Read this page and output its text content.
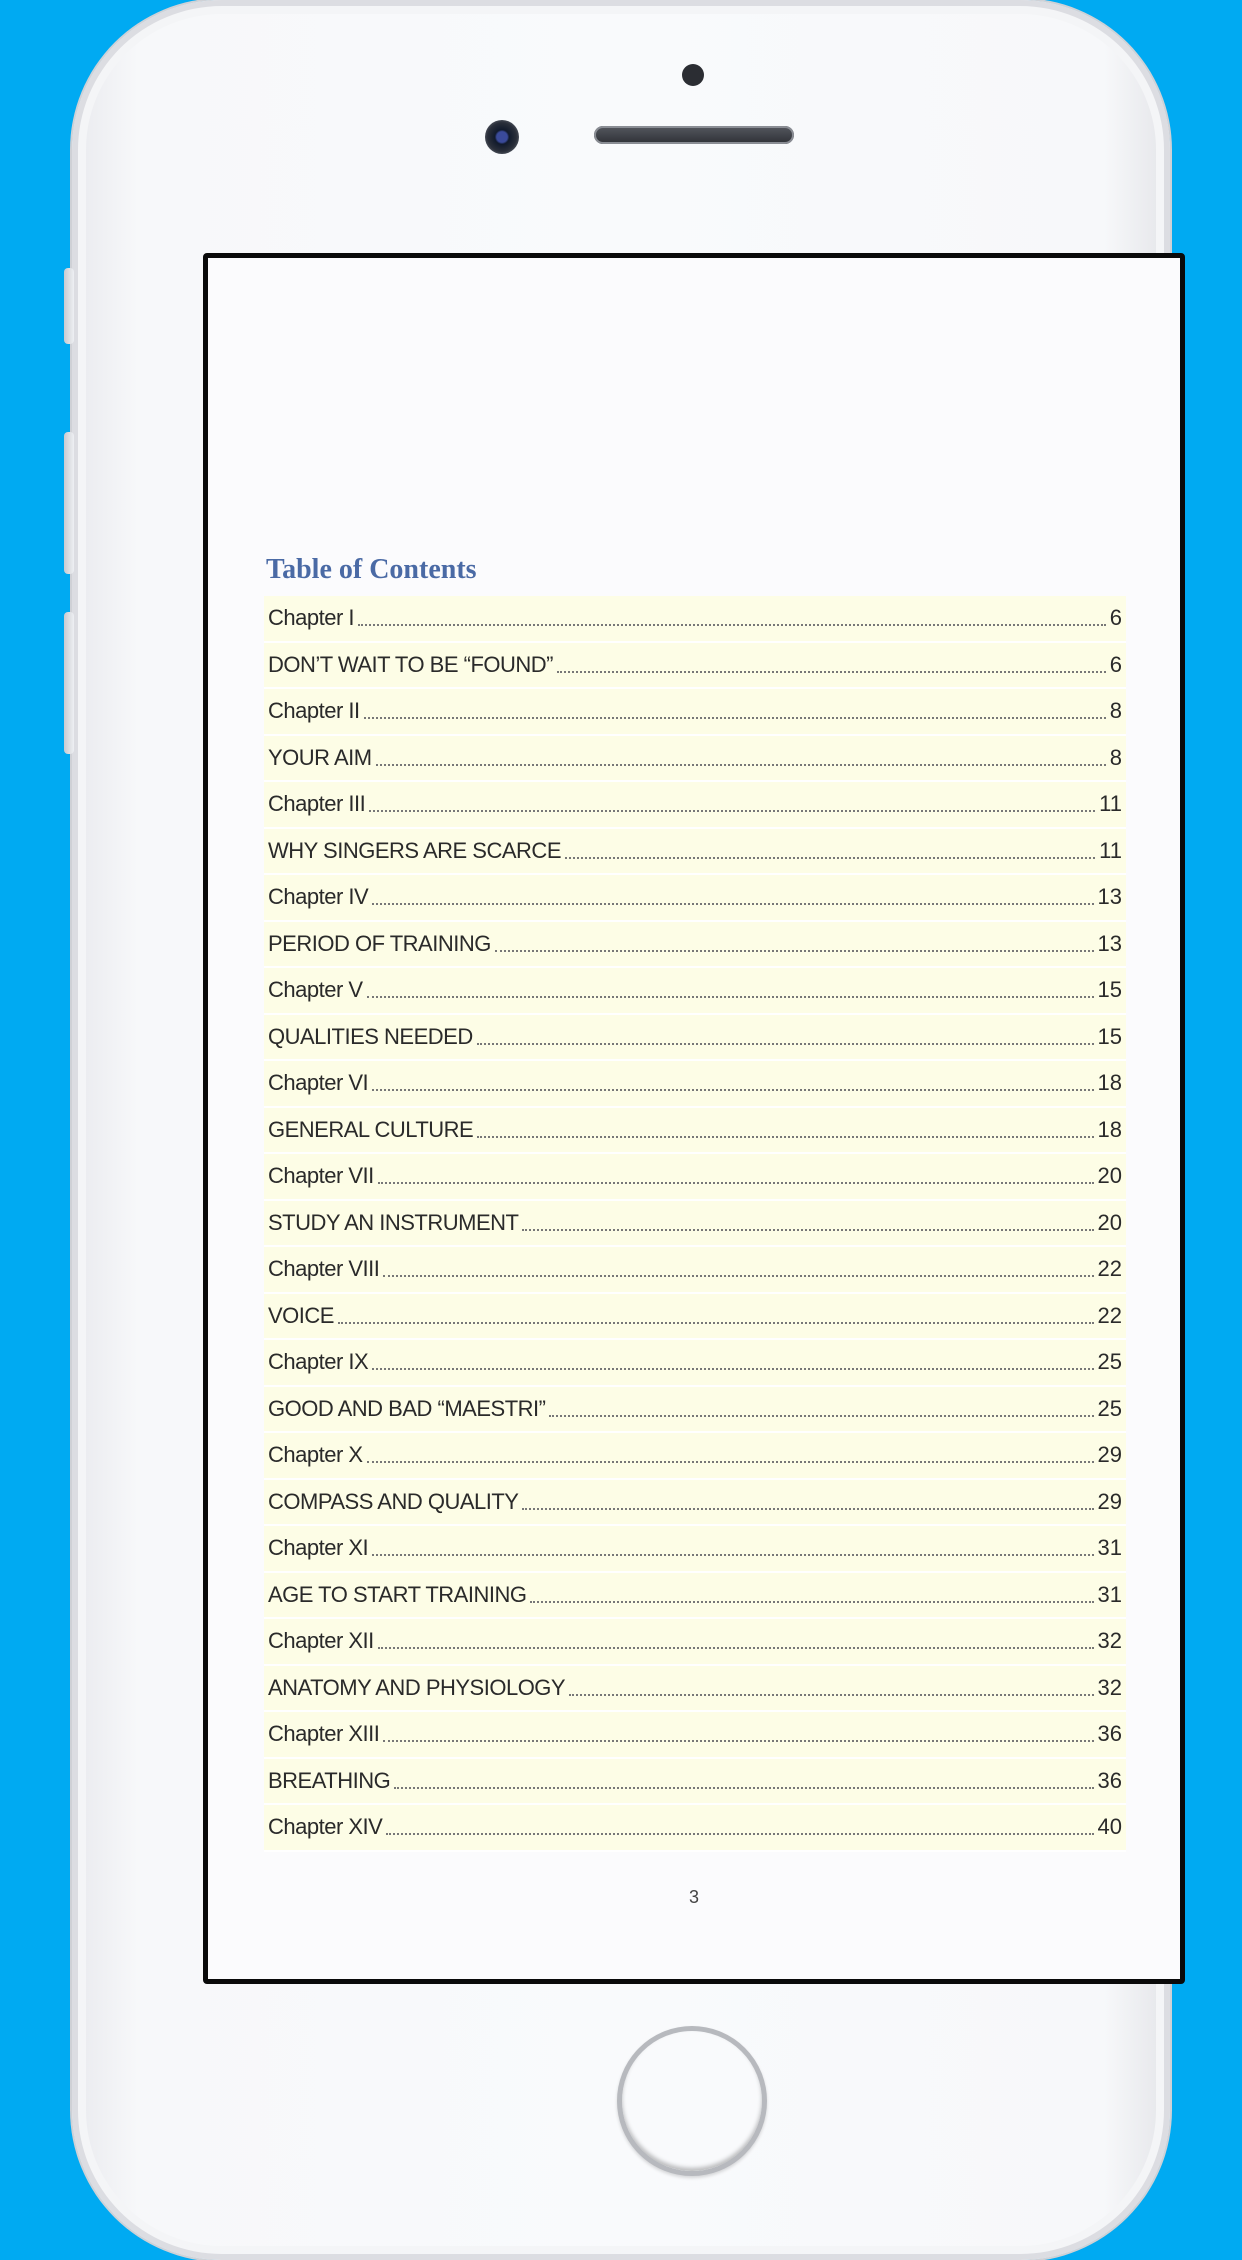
Table of Contents
Chapter I	6
DON’T WAIT TO BE “FOUND”	6
Chapter II	8
YOUR AIM	8
Chapter III	11
WHY SINGERS ARE SCARCE	11
Chapter IV	13
PERIOD OF TRAINING	13
Chapter V	15
QUALITIES NEEDED	15
Chapter VI	18
GENERAL CULTURE	18
Chapter VII	20
STUDY AN INSTRUMENT	20
Chapter VIII	22
VOICE	22
Chapter IX	25
GOOD AND BAD “MAESTRI”	25
Chapter X	29
COMPASS AND QUALITY	29
Chapter XI	31
AGE TO START TRAINING	31
Chapter XII	32
ANATOMY AND PHYSIOLOGY	32
Chapter XIII	36
BREATHING	36
Chapter XIV	40
3
